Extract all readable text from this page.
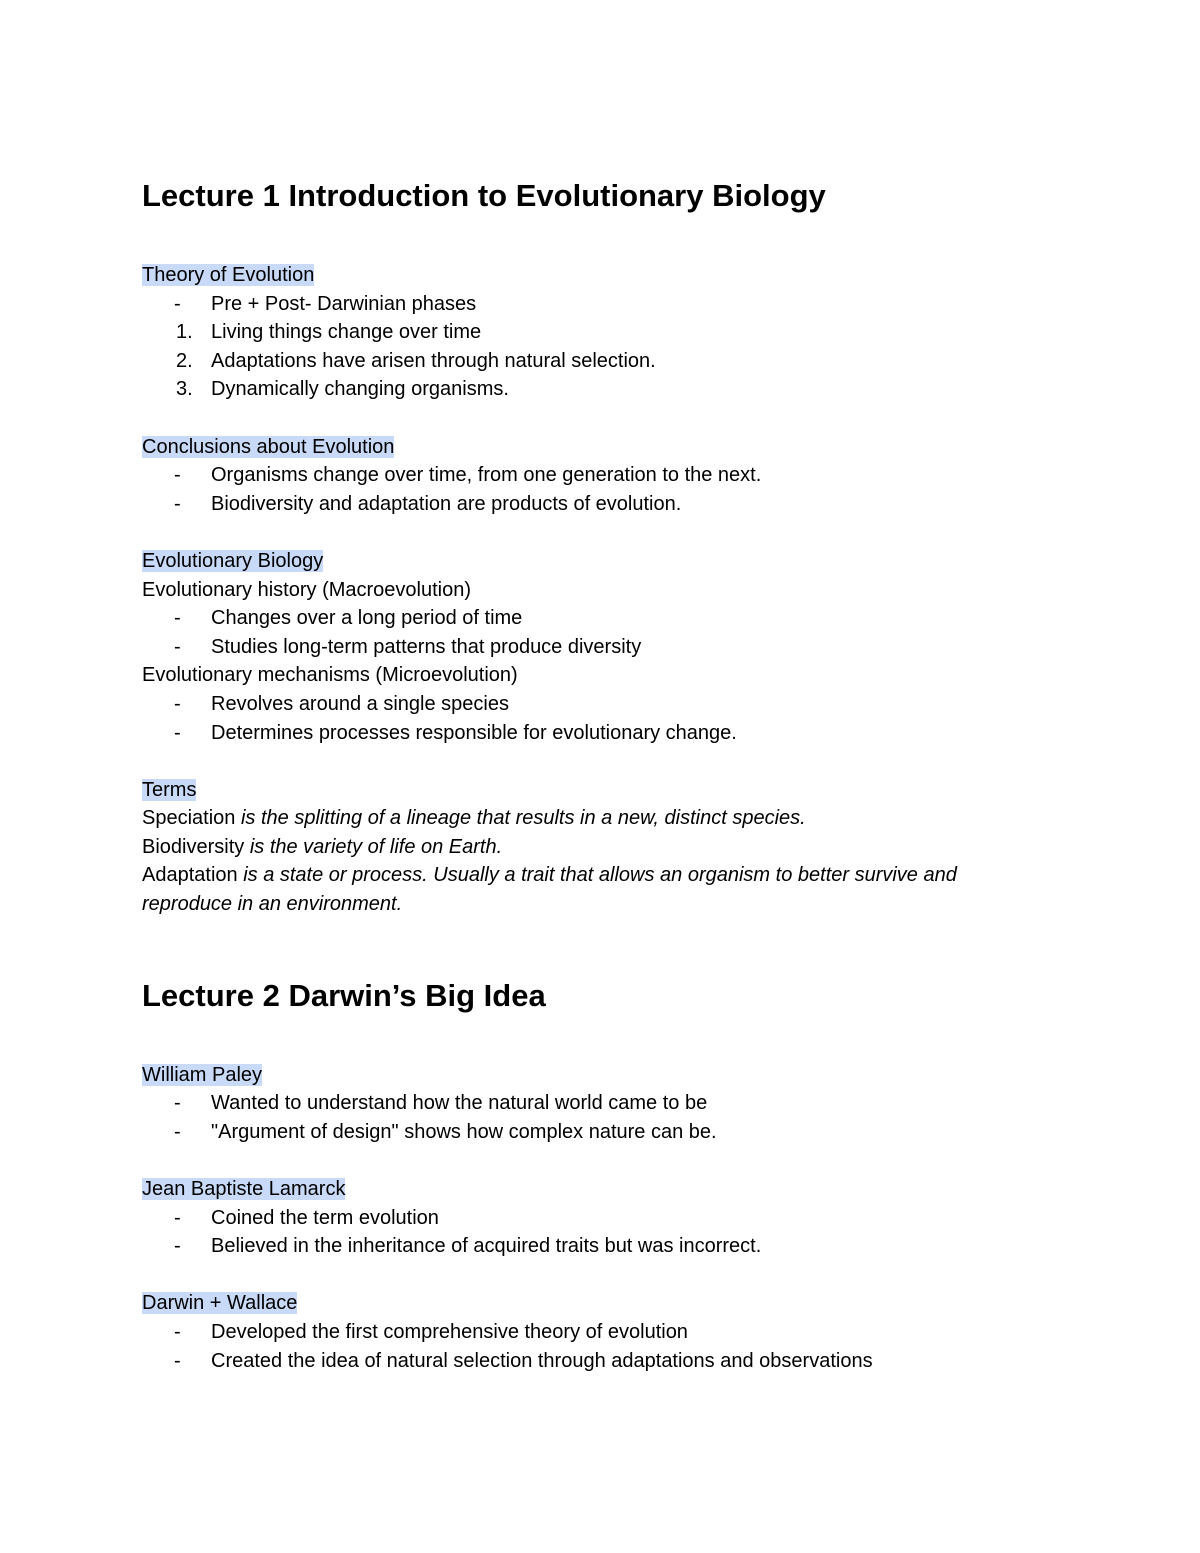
Lecture 1 Introduction to Evolutionary Biology
Theory of Evolution
-	Pre + Post- Darwinian phases
1. Living things change over time
2. Adaptations have arisen through natural selection.
3. Dynamically changing organisms.
Conclusions about Evolution
-	Organisms change over time, from one generation to the next.
-	Biodiversity and adaptation are products of evolution.
Evolutionary Biology
Evolutionary history (Macroevolution)
-	Changes over a long period of time
-	Studies long-term patterns that produce diversity
Evolutionary mechanisms (Microevolution)
-	Revolves around a single species
-	Determines processes responsible for evolutionary change.
Terms
Speciation is the splitting of a lineage that results in a new, distinct species.
Biodiversity is the variety of life on Earth.
Adaptation is a state or process. Usually a trait that allows an organism to better survive and
reproduce in an environment.
Lecture 2 Darwin’s Big Idea
William Paley
-	Wanted to understand how the natural world came to be
-	"Argument of design" shows how complex nature can be.
Jean Baptiste Lamarck
-	Coined the term evolution
-	Believed in the inheritance of acquired traits but was incorrect.
Darwin + Wallace
-	Developed the first comprehensive theory of evolution
-	Created the idea of natural selection through adaptations and observations
